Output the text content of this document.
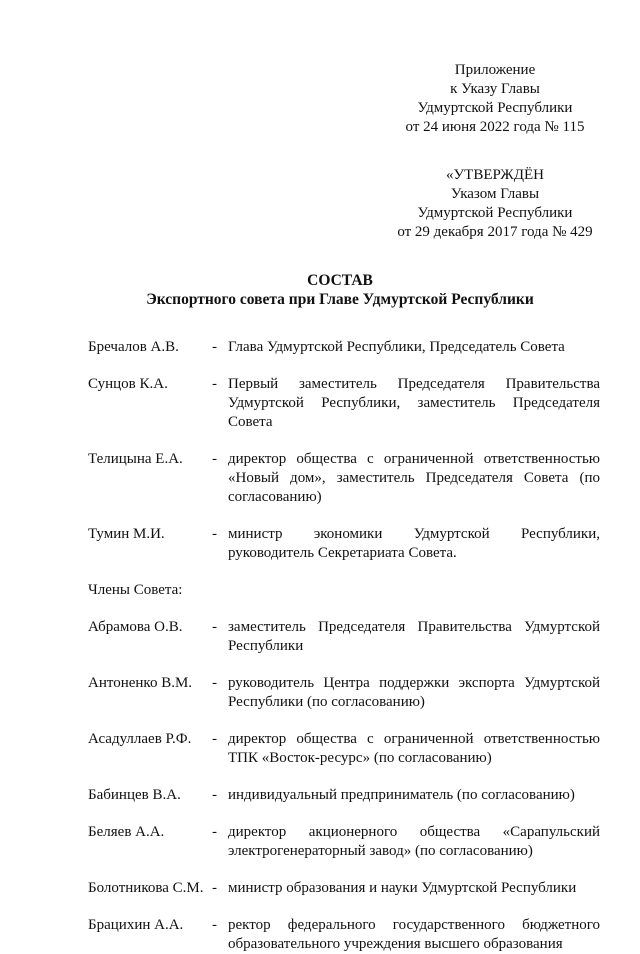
Приложение
к Указу Главы
Удмуртской Республики
от 24 июня 2022 года № 115
«УТВЕРЖДЁН
Указом Главы
Удмуртской Республики
от 29 декабря 2017 года № 429
СОСТАВ
Экспортного совета при Главе Удмуртской Республики
Бречалов А.В.	- Глава Удмуртской Республики, Председатель Совета
Сунцов К.А.	- Первый заместитель Председателя Правительства Удмуртской Республики, заместитель Председателя Совета
Телицына Е.А.	- директор общества с ограниченной ответственностью «Новый дом», заместитель Председателя Совета (по согласованию)
Тумин М.И.	- министр экономики Удмуртской Республики, руководитель Секретариата Совета.
Члены Совета:
Абрамова О.В.	- заместитель Председателя Правительства Удмуртской Республики
Антоненко В.М.	- руководитель Центра поддержки экспорта Удмуртской Республики (по согласованию)
Асадуллаев Р.Ф.	- директор общества с ограниченной ответственностью ТПК «Восток-ресурс» (по согласованию)
Бабинцев В.А.	- индивидуальный предприниматель (по согласованию)
Беляев А.А.	- директор акционерного общества «Сарапульский электрогенераторный завод» (по согласованию)
Болотникова С.М. - министр образования и науки Удмуртской Республики
Брацихин А.А.	- ректор федерального государственного бюджетного образовательного учреждения высшего образования
